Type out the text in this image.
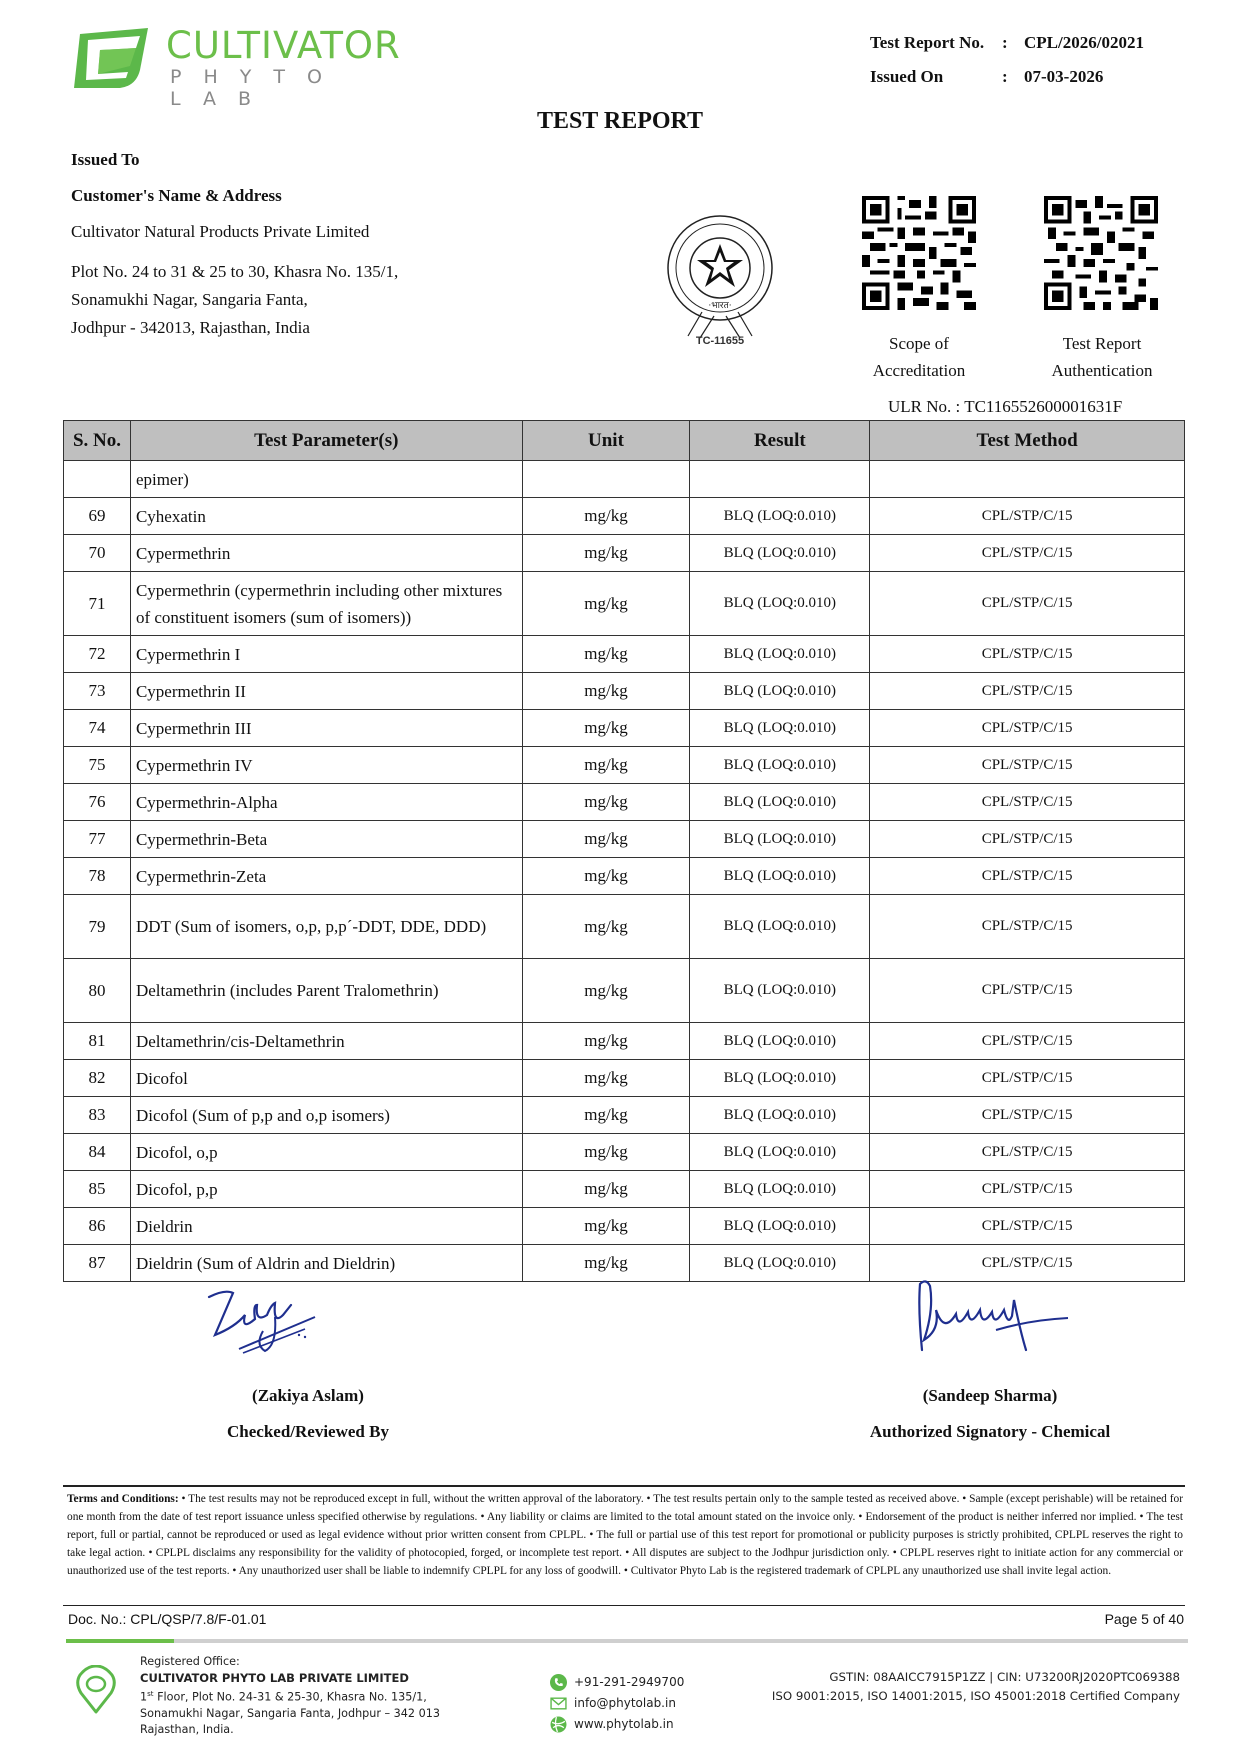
CULTIVATOR
PHYTO LAB
Test Report No.	: CPL/2026/02021
Issued On	: 07-03-2026
TEST REPORT
Issued To
Customer's Name & Address
Cultivator Natural Products Private Limited
Plot No. 24 to 31 & 25 to 30, Khasra No. 135/1,
Sonamukhi Nagar, Sangaria Fanta,
Jodhpur - 342013, Rajasthan, India
·भारत·
TC-11655	Scope of
Accreditation
Test Report
Authentication
ULR No. : TC116552600001631F
S. No.	Test Parameter(s)	Unit	Result	Test Method
	epimer)			
69	Cyhexatin	mg/kg	BLQ (LOQ:0.010)	CPL/STP/C/15
70	Cypermethrin	mg/kg	BLQ (LOQ:0.010)	CPL/STP/C/15
71	Cypermethrin (cypermethrin including other mixtures of constituent isomers (sum of isomers))	mg/kg	BLQ (LOQ:0.010)	CPL/STP/C/15
72	Cypermethrin I	mg/kg	BLQ (LOQ:0.010)	CPL/STP/C/15
73	Cypermethrin II	mg/kg	BLQ (LOQ:0.010)	CPL/STP/C/15
74	Cypermethrin III	mg/kg	BLQ (LOQ:0.010)	CPL/STP/C/15
75	Cypermethrin IV	mg/kg	BLQ (LOQ:0.010)	CPL/STP/C/15
76	Cypermethrin-Alpha	mg/kg	BLQ (LOQ:0.010)	CPL/STP/C/15
77	Cypermethrin-Beta	mg/kg	BLQ (LOQ:0.010)	CPL/STP/C/15
78	Cypermethrin-Zeta	mg/kg	BLQ (LOQ:0.010)	CPL/STP/C/15
79	DDT (Sum of isomers, o,p, p,p´-DDT, DDE, DDD)	mg/kg	BLQ (LOQ:0.010)	CPL/STP/C/15
80	Deltamethrin (includes Parent Tralomethrin)	mg/kg	BLQ (LOQ:0.010)	CPL/STP/C/15
81	Deltamethrin/cis-Deltamethrin	mg/kg	BLQ (LOQ:0.010)	CPL/STP/C/15
82	Dicofol	mg/kg	BLQ (LOQ:0.010)	CPL/STP/C/15
83	Dicofol (Sum of p,p and o,p isomers)	mg/kg	BLQ (LOQ:0.010)	CPL/STP/C/15
84	Dicofol, o,p	mg/kg	BLQ (LOQ:0.010)	CPL/STP/C/15
85	Dicofol, p,p	mg/kg	BLQ (LOQ:0.010)	CPL/STP/C/15
86	Dieldrin	mg/kg	BLQ (LOQ:0.010)	CPL/STP/C/15
87	Dieldrin (Sum of Aldrin and Dieldrin)	mg/kg	BLQ (LOQ:0.010)	CPL/STP/C/15
(Zakiya Aslam)
Checked/Reviewed By
(Sandeep Sharma)
Authorized Signatory - Chemical
Terms and Conditions: • The test results may not be reproduced except in full, without the written approval of the laboratory. • The test results pertain only to the sample tested as received above. • Sample (except perishable) will be retained for one month from the date of test report issuance unless specified otherwise by regulations. • Any liability or claims are limited to the total amount stated on the invoice only. • Endorsement of the product is neither inferred nor implied. • The test report, full or partial, cannot be reproduced or used as legal evidence without prior written consent from CPLPL. • The full or partial use of this test report for promotional or publicity purposes is strictly prohibited, CPLPL reserves the right to take legal action. • CPLPL disclaims any responsibility for the validity of photocopied, forged, or incomplete test report. • All disputes are subject to the Jodhpur jurisdiction only. • CPLPL reserves right to initiate action for any commercial or unauthorized use of the test reports. • Any unauthorized user shall be liable to indemnify CPLPL for any loss of goodwill. • Cultivator Phyto Lab is the registered trademark of CPLPL any unauthorized use shall invite legal action.
Doc. No.: CPL/QSP/7.8/F-01.01	Page 5 of 40
Registered Office:
CULTIVATOR PHYTO LAB PRIVATE LIMITED
1st Floor, Plot No. 24-31 & 25-30, Khasra No. 135/1,
Sonamukhi Nagar, Sangaria Fanta, Jodhpur – 342 013
Rajasthan, India.
+91-291-2949700
info@phytolab.in
www.phytolab.in
GSTIN: 08AAICC7915P1ZZ | CIN: U73200RJ2020PTC069388
ISO 9001:2015, ISO 14001:2015, ISO 45001:2018 Certified Company
